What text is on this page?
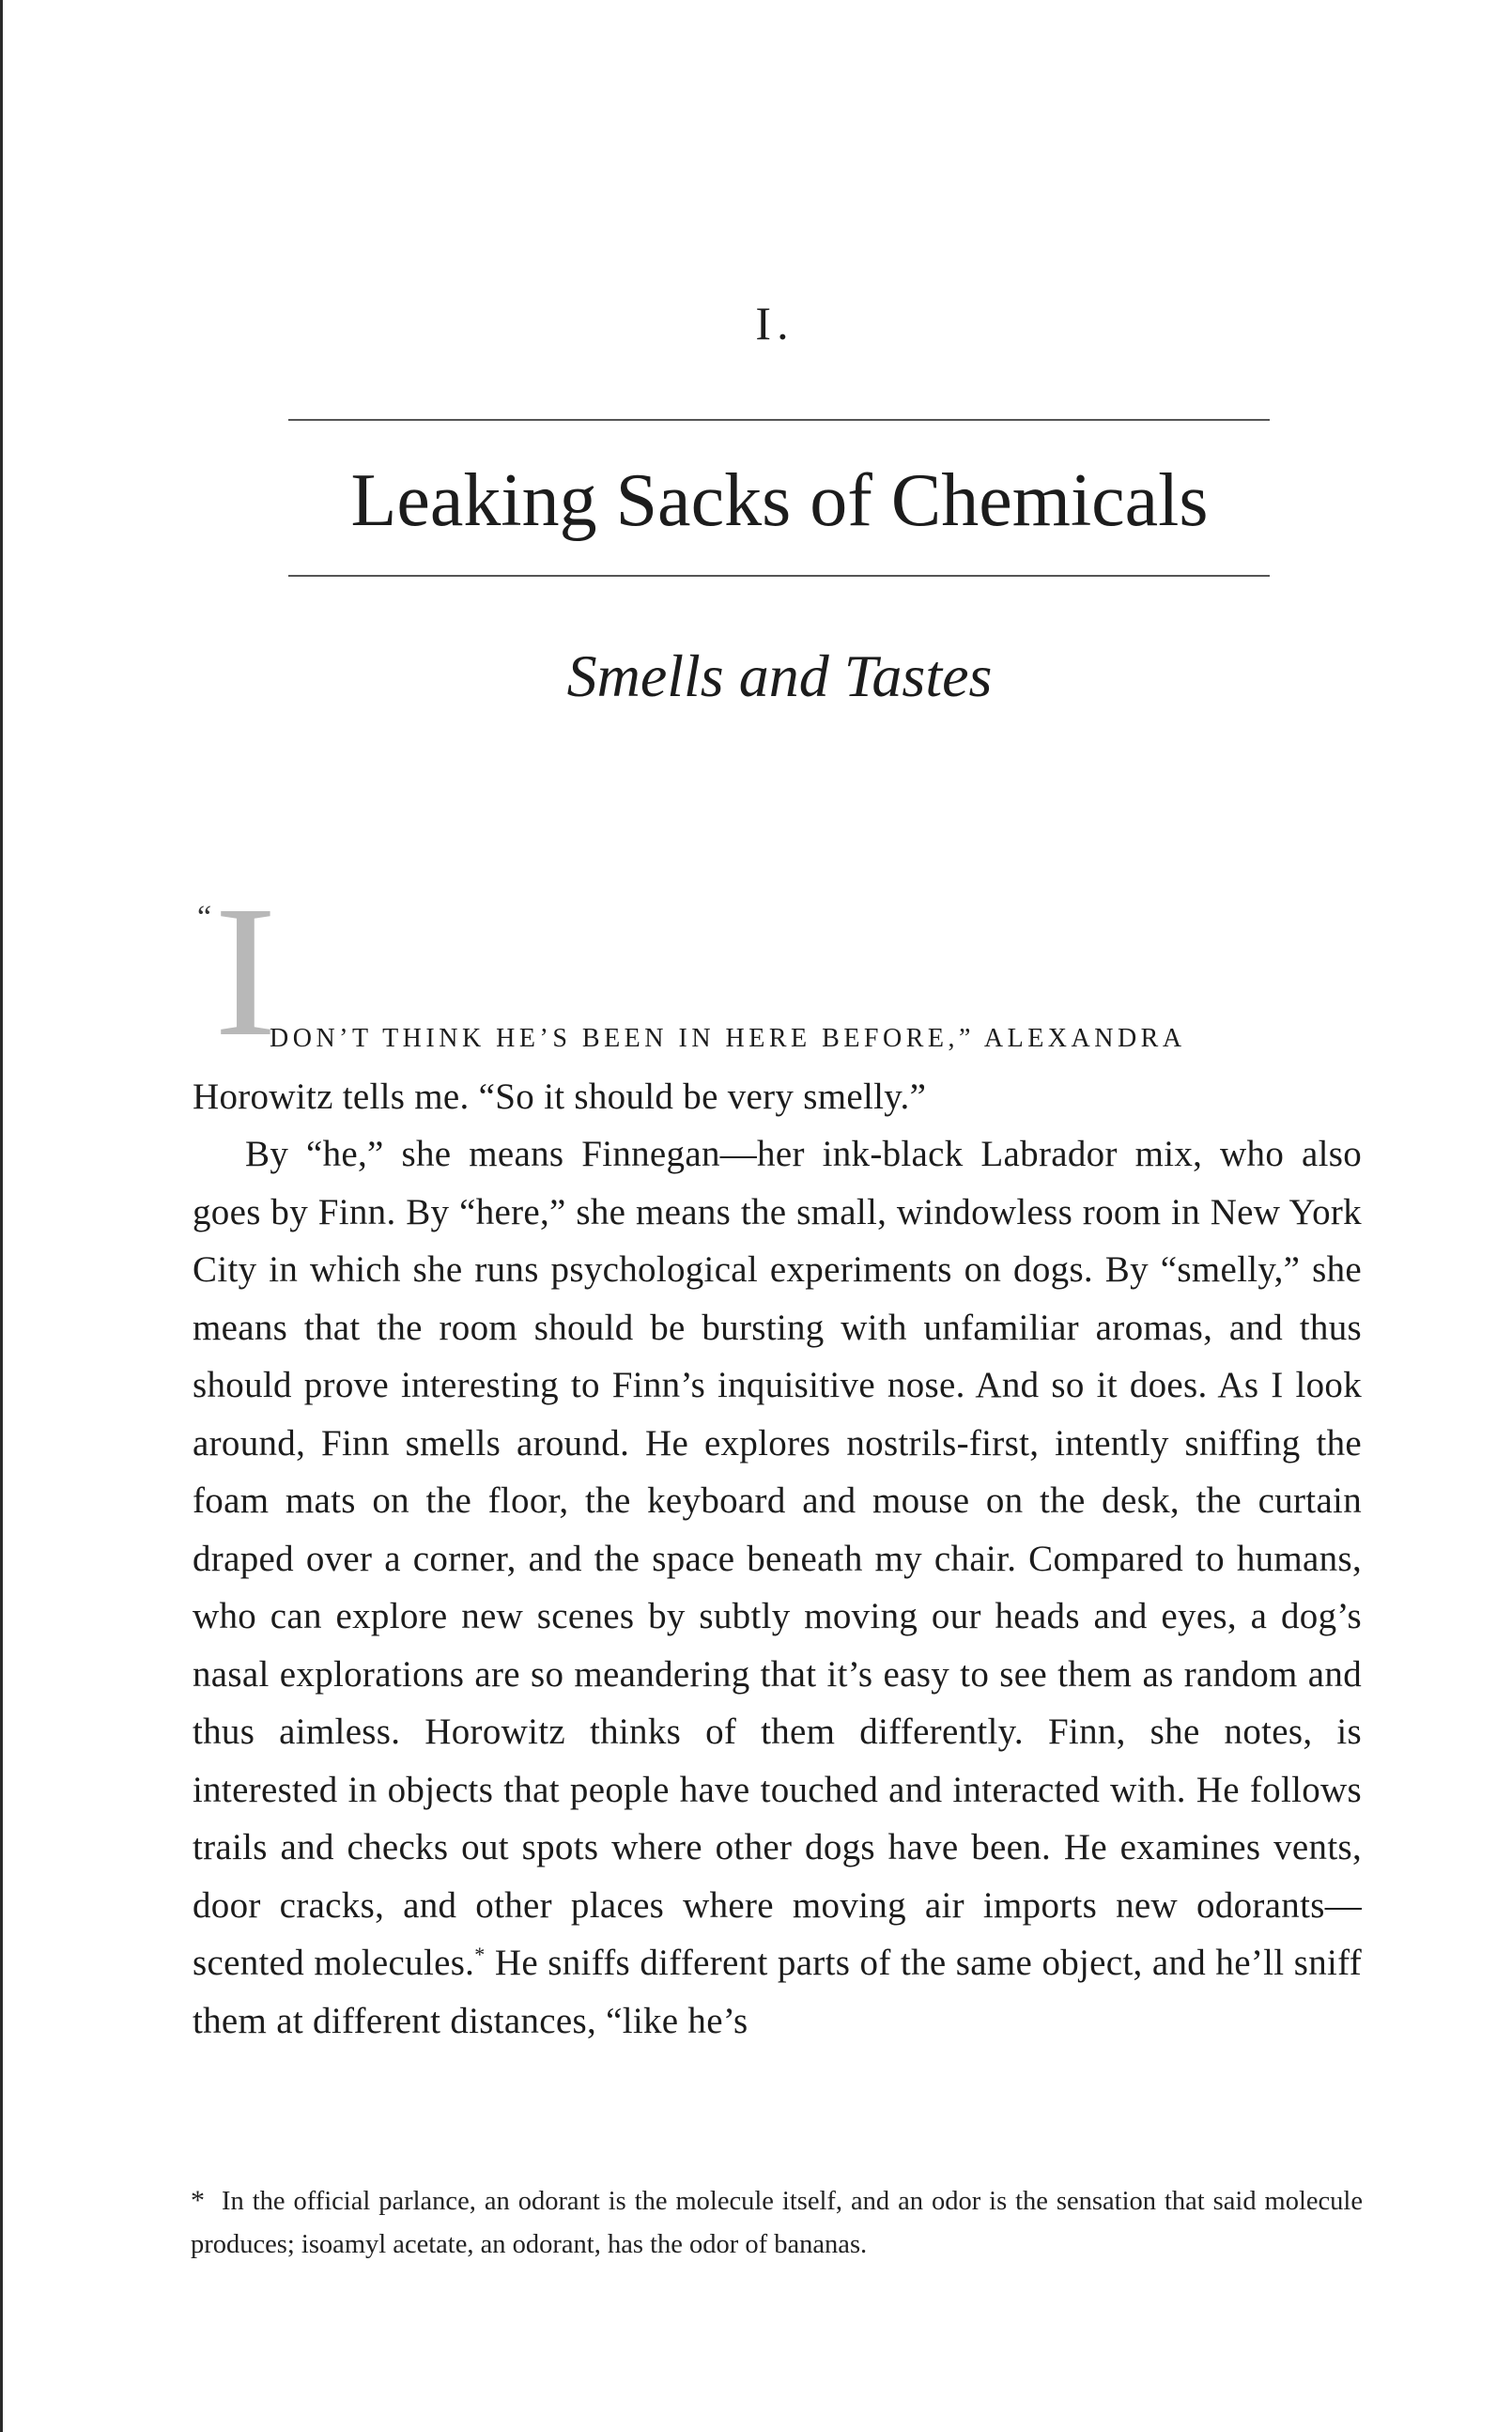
I.
Leaking Sacks of Chemicals
Smells and Tastes
“ I
DON’T THINK HE’S BEEN IN HERE BEFORE,” ALEXANDRA

Horowitz tells me. “So it should be very smelly.”

By “he,” she means Finnegan—her ink-black Labrador mix, who also goes by Finn. By “here,” she means the small, windowless room in New York City in which she runs psychological experiments on dogs. By “smelly,” she means that the room should be bursting with unfamiliar aromas, and thus should prove interesting to Finn’s inquisitive nose. And so it does. As I look around, Finn smells around. He explores nostrils-first, intently sniffing the foam mats on the floor, the keyboard and mouse on the desk, the curtain draped over a corner, and the space beneath my chair. Compared to humans, who can explore new scenes by subtly moving our heads and eyes, a dog’s nasal explorations are so meandering that it’s easy to see them as random and thus aimless. Horowitz thinks of them differently. Finn, she notes, is interested in objects that people have touched and interacted with. He follows trails and checks out spots where other dogs have been. He examines vents, door cracks, and other places where moving air imports new odorants—scented molecules.* He sniffs different parts of the same object, and he’ll sniff them at different distances, “like he’s

* In the official parlance, an odorant is the molecule itself, and an odor is the sensation that said molecule produces; isoamyl acetate, an odorant, has the odor of bananas.
